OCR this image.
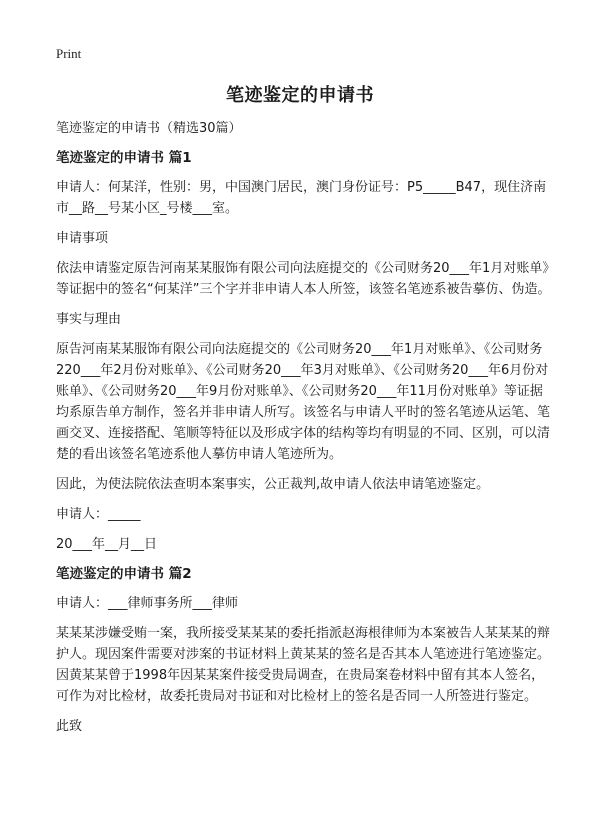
Print
笔迹鉴定的申请书

笔迹鉴定的申请书（精选30篇）

笔迹鉴定的申请书 篇1

申请人：何某洋，性别：男，中国澳门居民，澳门身份证号：P5_____B47，现住济南市__路__号某小区_号楼___室。

申请事项

依法申请鉴定原告河南某某服饰有限公司向法庭提交的《公司财务20___年1月对账单》等证据中的签名“何某洋”三个字并非申请人本人所签，该签名笔迹系被告摹仿、伪造。

事实与理由

原告河南某某服饰有限公司向法庭提交的《公司财务20___年1月对账单》、《公司财务220___年2月份对账单》、《公司财务20___年3月对账单》、《公司财务20___年6月份对账单》、《公司财务20___年9月份对账单》、《公司财务20___年11月份对账单》等证据均系原告单方制作，签名并非申请人所写。该签名与申请人平时的签名笔迹从运笔、笔画交叉、连接搭配、笔顺等特征以及形成字体的结构等均有明显的不同、区别，可以清楚的看出该签名笔迹系他人摹仿申请人笔迹所为。

因此，为使法院依法查明本案事实，公正裁判,故申请人依法申请笔迹鉴定。

申请人：_____

20___年__月__日

笔迹鉴定的申请书 篇2

申请人：___律师事务所___律师

某某某涉嫌受贿一案，我所接受某某某的委托指派赵海根律师为本案被告人某某某的辩护人。现因案件需要对涉案的书证材料上黄某某的签名是否其本人笔迹进行笔迹鉴定。因黄某某曾于1998年因某某案件接受贵局调查，在贵局案卷材料中留有其本人签名，可作为对比检材，故委托贵局对书证和对比检材上的签名是否同一人所签进行鉴定。

此致
